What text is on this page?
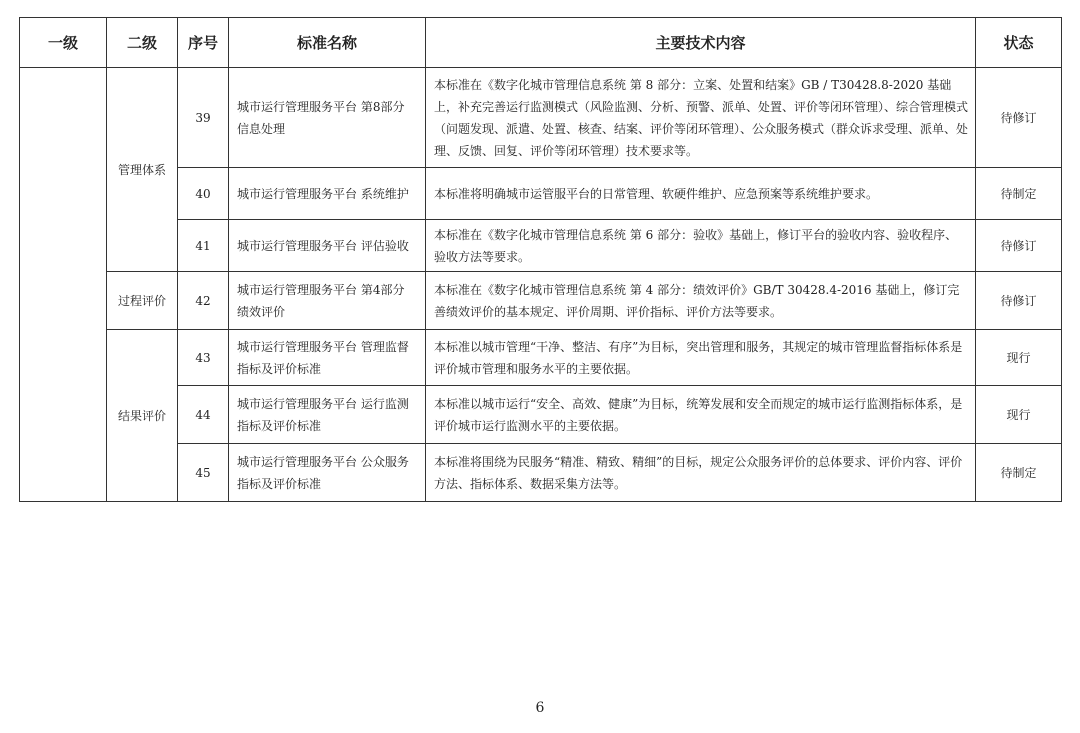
一级	二级	序号	标准名称	主要技术内容	状态
	管理体系	39	城市运行管理服务平台 第8部分 信息处理	本标准在《数字化城市管理信息系统 第 8 部分：立案、处置和结案》GB / T30428.8-2020 基础上，补充完善运行监测模式（风险监测、分析、预警、派单、处置、评价等闭环管理）、综合管理模式（问题发现、派遣、处置、核查、结案、评价等闭环管理）、公众服务模式（群众诉求受理、派单、处理、反馈、回复、评价等闭环管理）技术要求等。	待修订
		40	城市运行管理服务平台 系统维护	本标准将明确城市运管服平台的日常管理、软硬件维护、应急预案等系统维护要求。	待制定
		41	城市运行管理服务平台 评估验收	本标准在《数字化城市管理信息系统 第 6 部分：验收》基础上，修订平台的验收内容、验收程序、验收方法等要求。	待修订
	过程评价	42	城市运行管理服务平台 第4部分 绩效评价	本标准在《数字化城市管理信息系统 第 4 部分：绩效评价》GB/T 30428.4-2016 基础上，修订完善绩效评价的基本规定、评价周期、评价指标、评价方法等要求。	待修订
	结果评价	43	城市运行管理服务平台 管理监督指标及评价标准	本标准以城市管理“干净、整洁、有序”为目标，突出管理和服务，其规定的城市管理监督指标体系是评价城市管理和服务水平的主要依据。	现行
		44	城市运行管理服务平台 运行监测指标及评价标准	本标准以城市运行“安全、高效、健康”为目标，统筹发展和安全而规定的城市运行监测指标体系，是评价城市运行监测水平的主要依据。	现行
		45	城市运行管理服务平台 公众服务指标及评价标准	本标准将围绕为民服务“精准、精致、精细”的目标，规定公众服务评价的总体要求、评价内容、评价方法、指标体系、数据采集方法等。	待制定
6
